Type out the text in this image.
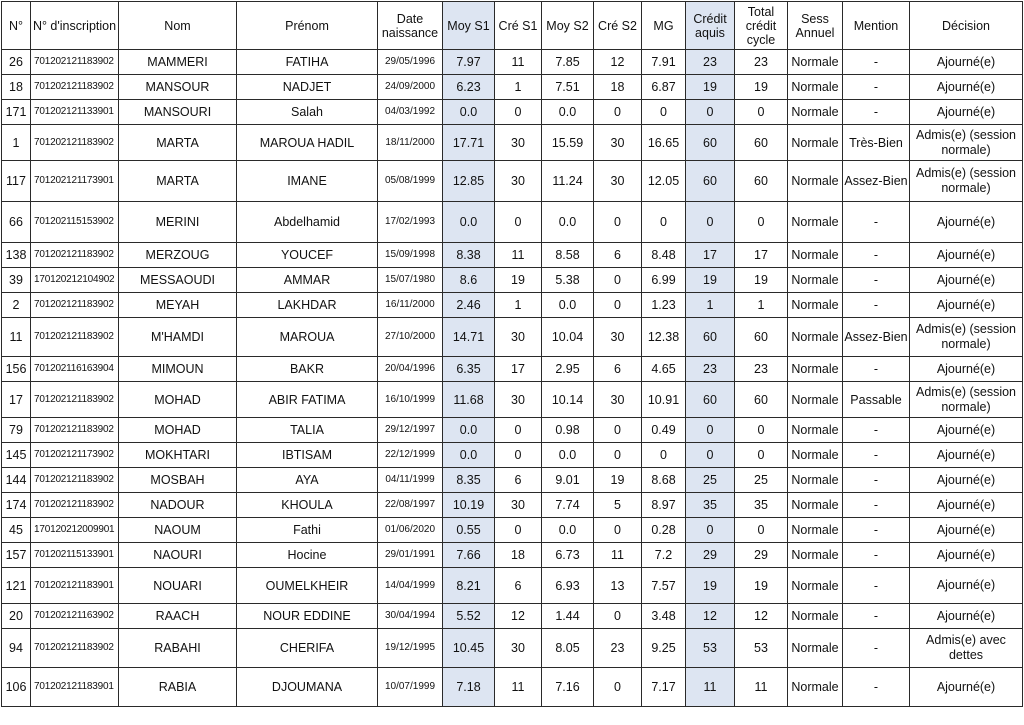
N°	N° d'inscription	Nom	Prénom	Date naissance	Moy S1	Cré S1	Moy S2	Cré S2	MG	Crédit aquis	Total crédit cycle	Sess Annuel	Mention	Décision
26	701202121183902	MAMMERI	FATIHA	29/05/1996	7.97	11	7.85	12	7.91	23	23	Normale	-	Ajourné(e)
18	701202121183902	MANSOUR	NADJET	24/09/2000	6.23	1	7.51	18	6.87	19	19	Normale	-	Ajourné(e)
171	701202121133901	MANSOURI	Salah	04/03/1992	0.0	0	0.0	0	0	0	0	Normale	-	Ajourné(e)
1	701202121183902	MARTA	MAROUA HADIL	18/11/2000	17.71	30	15.59	30	16.65	60	60	Normale	Très-Bien	Admis(e) (session normale)
117	701202121173901	MARTA	IMANE	05/08/1999	12.85	30	11.24	30	12.05	60	60	Normale	Assez-Bien	Admis(e) (session normale)
66	701202115153902	MERINI	Abdelhamid	17/02/1993	0.0	0	0.0	0	0	0	0	Normale	-	Ajourné(e)
138	701202121183902	MERZOUG	YOUCEF	15/09/1998	8.38	11	8.58	6	8.48	17	17	Normale	-	Ajourné(e)
39	170120212104902	MESSAOUDI	AMMAR	15/07/1980	8.6	19	5.38	0	6.99	19	19	Normale	-	Ajourné(e)
2	701202121183902	MEYAH	LAKHDAR	16/11/2000	2.46	1	0.0	0	1.23	1	1	Normale	-	Ajourné(e)
11	701202121183902	M'HAMDI	MAROUA	27/10/2000	14.71	30	10.04	30	12.38	60	60	Normale	Assez-Bien	Admis(e) (session normale)
156	701202116163904	MIMOUN	BAKR	20/04/1996	6.35	17	2.95	6	4.65	23	23	Normale	-	Ajourné(e)
17	701202121183902	MOHAD	ABIR FATIMA	16/10/1999	11.68	30	10.14	30	10.91	60	60	Normale	Passable	Admis(e) (session normale)
79	701202121183902	MOHAD	TALIA	29/12/1997	0.0	0	0.98	0	0.49	0	0	Normale	-	Ajourné(e)
145	701202121173902	MOKHTARI	IBTISAM	22/12/1999	0.0	0	0.0	0	0	0	0	Normale	-	Ajourné(e)
144	701202121183902	MOSBAH	AYA	04/11/1999	8.35	6	9.01	19	8.68	25	25	Normale	-	Ajourné(e)
174	701202121183902	NADOUR	KHOULA	22/08/1997	10.19	30	7.74	5	8.97	35	35	Normale	-	Ajourné(e)
45	170120212009901	NAOUM	Fathi	01/06/2020	0.55	0	0.0	0	0.28	0	0	Normale	-	Ajourné(e)
157	701202115133901	NAOURI	Hocine	29/01/1991	7.66	18	6.73	11	7.2	29	29	Normale	-	Ajourné(e)
121	701202121183901	NOUARI	OUMELKHEIR	14/04/1999	8.21	6	6.93	13	7.57	19	19	Normale	-	Ajourné(e)
20	701202121163902	RAACH	NOUR EDDINE	30/04/1994	5.52	12	1.44	0	3.48	12	12	Normale	-	Ajourné(e)
94	701202121183902	RABAHI	CHERIFA	19/12/1995	10.45	30	8.05	23	9.25	53	53	Normale	-	Admis(e) avec dettes
106	701202121183901	RABIA	DJOUMANA	10/07/1999	7.18	11	7.16	0	7.17	11	11	Normale	-	Ajourné(e)
